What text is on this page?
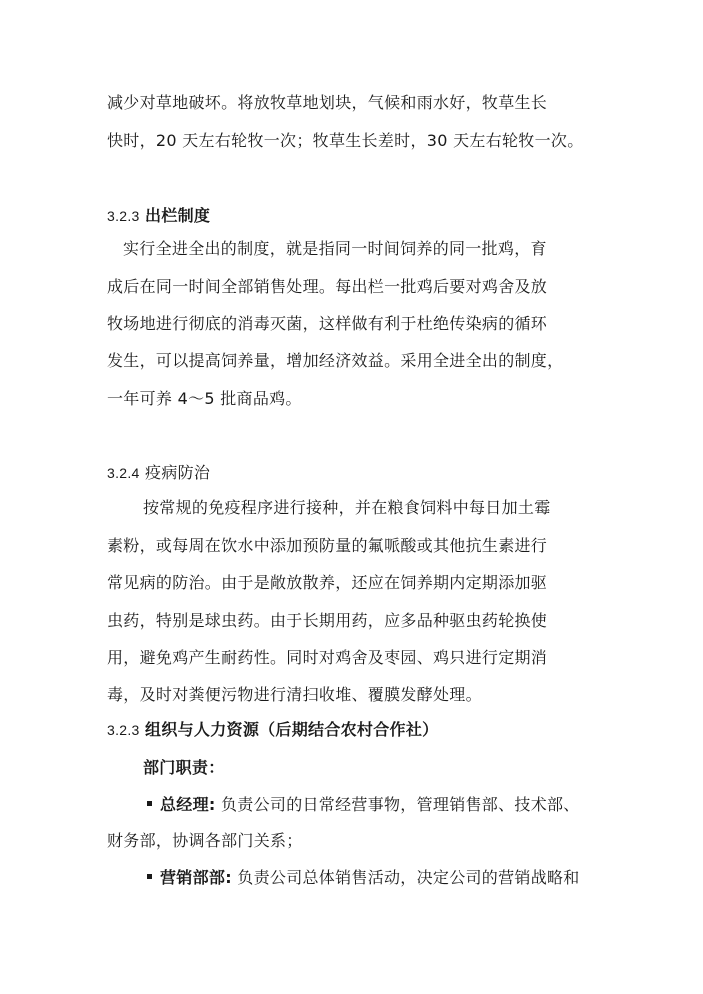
减少对草地破坏。将放牧草地划块，气候和雨水好，牧草生长
快时，20 天左右轮牧一次；牧草生长差时，30 天左右轮牧一次。
3.2.3 出栏制度
实行全进全出的制度，就是指同一时间饲养的同一批鸡，育
成后在同一时间全部销售处理。每出栏一批鸡后要对鸡舍及放
牧场地进行彻底的消毒灭菌，这样做有利于杜绝传染病的循环
发生，可以提高饲养量，增加经济效益。采用全进全出的制度，
一年可养 4～5 批商品鸡。
3.2.4 疫病防治
按常规的免疫程序进行接种，并在粮食饲料中每日加土霉
素粉，或每周在饮水中添加预防量的氟哌酸或其他抗生素进行
常见病的防治。由于是敞放散养，还应在饲养期内定期添加驱
虫药，特别是球虫药。由于长期用药，应多品种驱虫药轮换使
用，避免鸡产生耐药性。同时对鸡舍及枣园、鸡只进行定期消
毒，及时对粪便污物进行清扫收堆、覆膜发酵处理。
3.2.3 组织与人力资源（后期结合农村合作社）
部门职责：
总经理: 负责公司的日常经营事物，管理销售部、技术部、
财务部，协调各部门关系；
营销部部: 负责公司总体销售活动，决定公司的营销战略和
